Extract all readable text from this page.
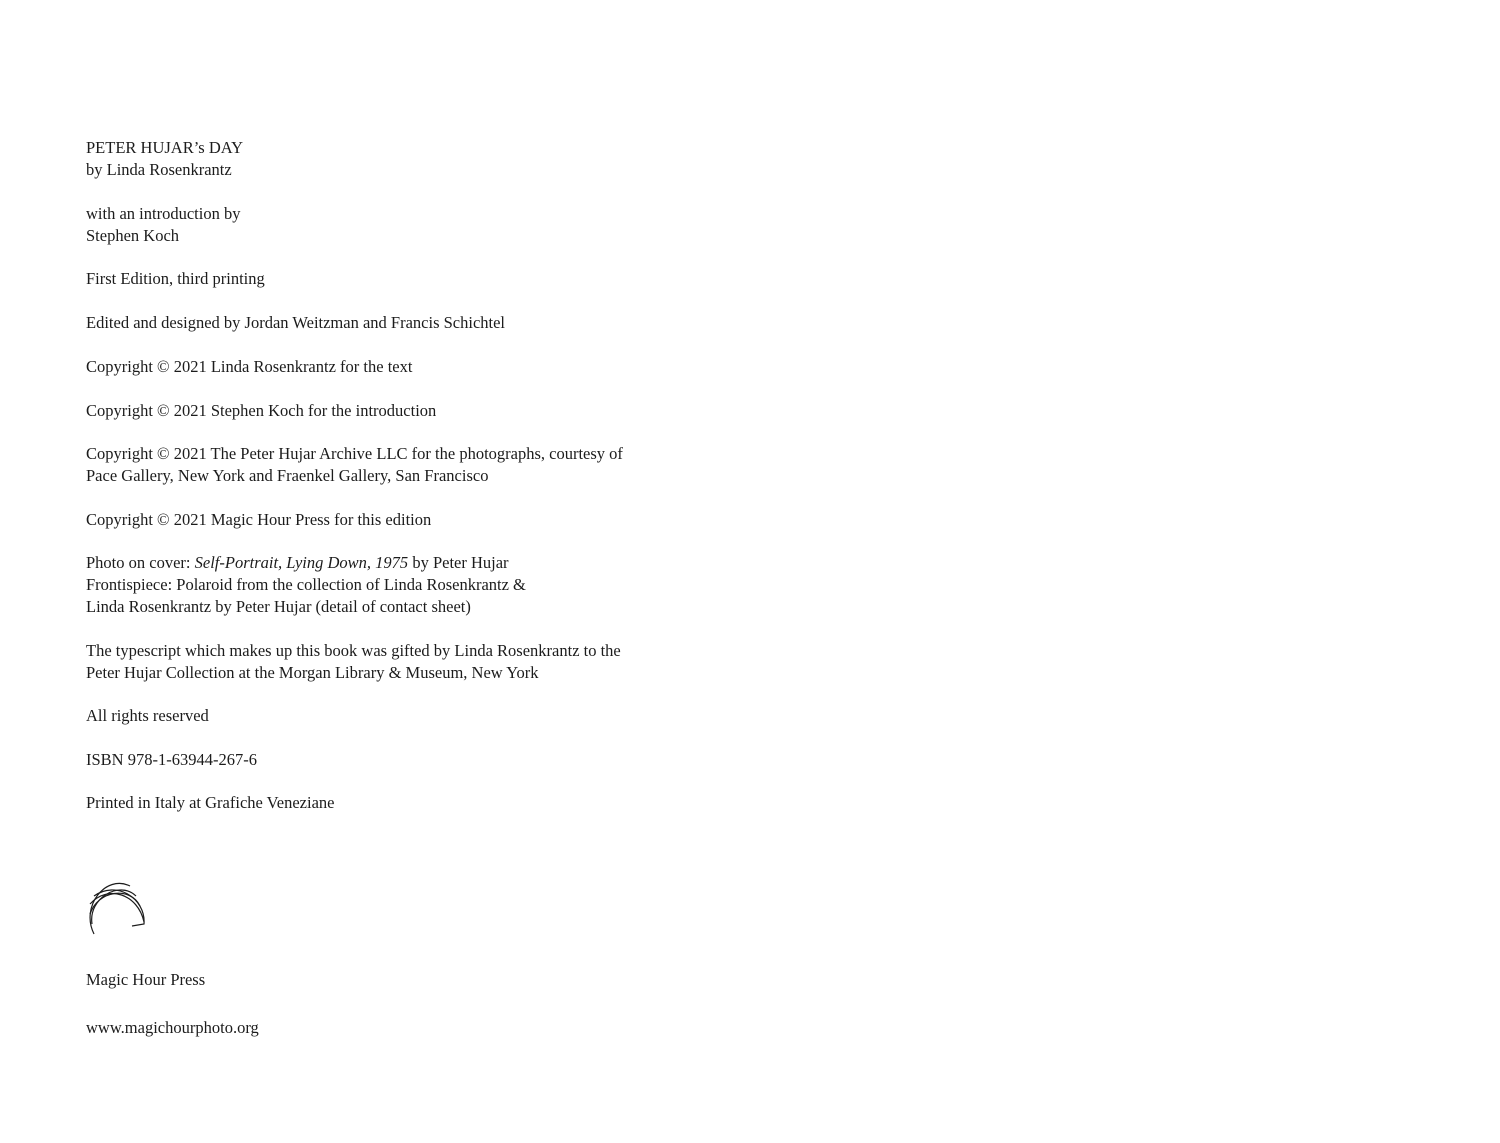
PETER HUJAR’s DAY
by Linda Rosenkrantz

with an introduction by
Stephen Koch

First Edition, third printing

Edited and designed by Jordan Weitzman and Francis Schichtel

Copyright © 2021 Linda Rosenkrantz for the text

Copyright © 2021 Stephen Koch for the introduction

Copyright © 2021 The Peter Hujar Archive LLC for the photographs, courtesy of
Pace Gallery, New York and Fraenkel Gallery, San Francisco

Copyright © 2021 Magic Hour Press for this edition

Photo on cover: Self-Portrait, Lying Down, 1975 by Peter Hujar
Frontispiece: Polaroid from the collection of Linda Rosenkrantz &
Linda Rosenkrantz by Peter Hujar (detail of contact sheet)

The typescript which makes up this book was gifted by Linda Rosenkrantz to the
Peter Hujar Collection at the Morgan Library & Museum, New York

All rights reserved

ISBN 978-1-63944-267-6

Printed in Italy at Grafiche Veneziane

Magic Hour Press

www.magichourphoto.org
